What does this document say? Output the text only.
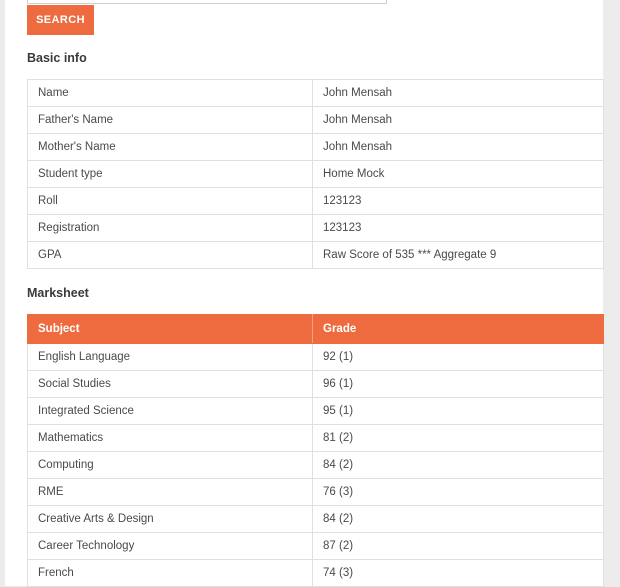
SEARCH
Basic info
Name	John Mensah
Father's Name	John Mensah
Mother's Name	John Mensah
Student type	Home Mock
Roll	123123
Registration	123123
GPA	Raw Score of 535 *** Aggregate 9
Marksheet
Subject	Grade
English Language	92 (1)
Social Studies	96 (1)
Integrated Science	95 (1)
Mathematics	81 (2)
Computing	84 (2)
RME	76 (3)
Creative Arts & Design	84 (2)
Career Technology	87 (2)
French	74 (3)
